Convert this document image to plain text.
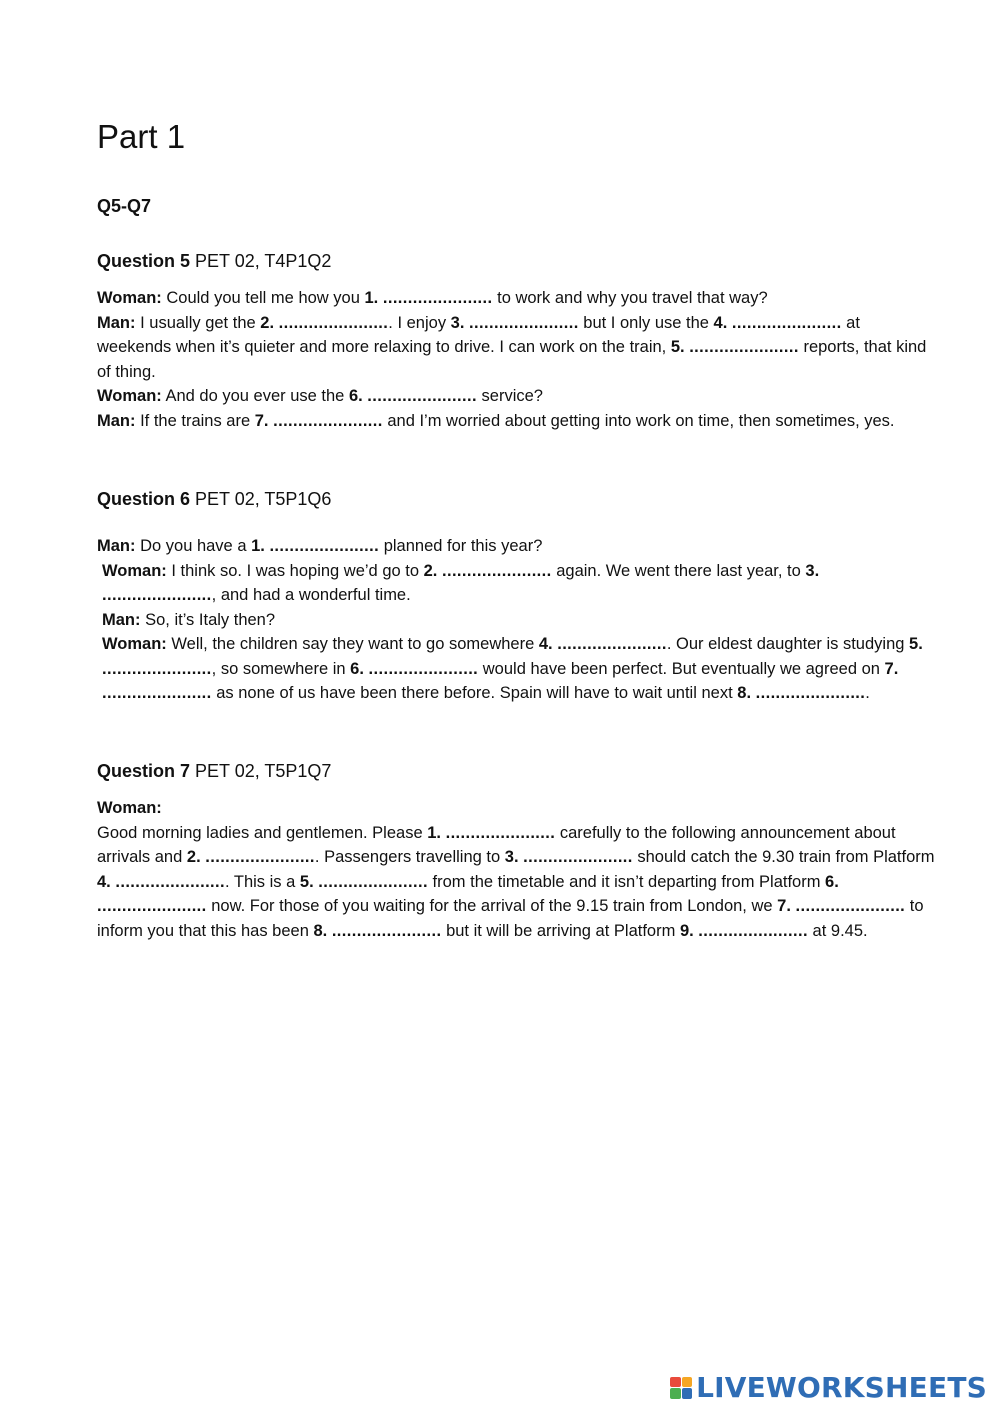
Part 1
Q5-Q7
Question 5 PET 02, T4P1Q2

Woman: Could you tell me how you 1. ...................... to work and why you travel that way?

Man: I usually get the 2. ....................... I enjoy 3. ...................... but I only use the 4. ...................... at weekends when it’s quieter and more relaxing to drive. I can work on the train, 5. ...................... reports, that kind of thing.

Woman: And do you ever use the 6. ...................... service?

Man: If the trains are 7. ...................... and I’m worried about getting into work on time, then sometimes, yes.

Question 6 PET 02, T5P1Q6

Man: Do you have a 1. ...................... planned for this year?

Woman: I think so. I was hoping we’d go to 2. ...................... again. We went there last year, to 3. ......................, and had a wonderful time.

Man: So, it’s Italy then?

Woman: Well, the children say they want to go somewhere 4. ....................... Our eldest daughter is studying 5. ......................, so somewhere in 6. ...................... would have been perfect. But eventually we agreed on 7. ...................... as none of us have been there before. Spain will have to wait until next 8. .......................

Question 7 PET 02, T5P1Q7

Woman:

Good morning ladies and gentlemen. Please 1. ...................... carefully to the following announcement about arrivals and 2. ....................... Passengers travelling to 3. ...................... should catch the 9.30 train from Platform 4. ....................... This is a 5. ...................... from the timetable and it isn’t departing from Platform 6. ...................... now. For those of you waiting for the arrival of the 9.15 train from London, we 7. ...................... to inform you that this has been 8. ...................... but it will be arriving at Platform 9. ...................... at 9.45.

LIVEWORKSHEETS
